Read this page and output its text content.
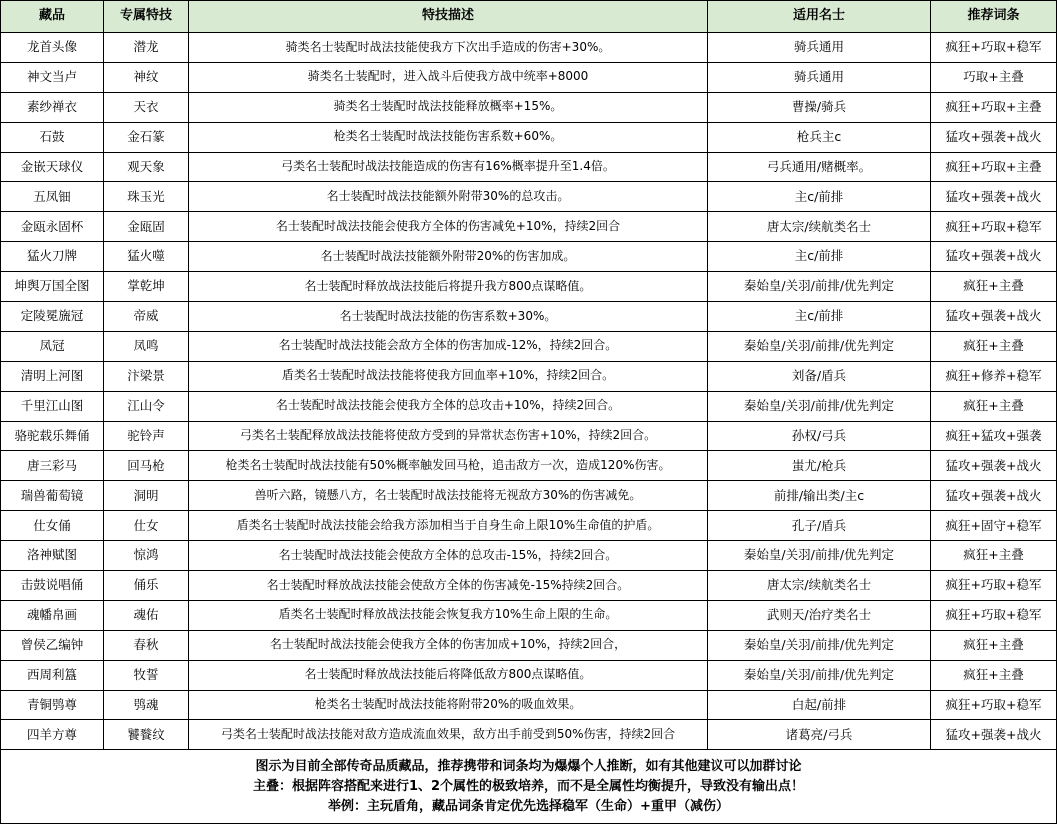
藏品	专属特技	特技描述	适用名士	推荐词条
龙首头像	潜龙	骑类名士装配时战法技能使我方下次出手造成的伤害+30%。	骑兵通用	疯狂+巧取+稳军
神文当卢	神纹	骑类名士装配时，进入战斗后使我方战中统率+8000	骑兵通用	巧取+主叠
素纱禅衣	天衣	骑类名士装配时战法技能释放概率+15%。	曹操/骑兵	疯狂+巧取+主叠
石鼓	金石篆	枪类名士装配时战法技能伤害系数+60%。	枪兵主c	猛攻+强袭+战火
金嵌天球仪	观天象	弓类名士装配时战法技能造成的伤害有16%概率提升至1.4倍。	弓兵通用/赌概率。	疯狂+巧取+主叠
五凤钿	珠玉光	名士装配时战法技能额外附带30%的总攻击。	主c/前排	猛攻+强袭+战火
金瓯永固杯	金瓯固	名士装配时战法技能会使我方全体的伤害减免+10%，持续2回合	唐太宗/续航类名士	疯狂+巧取+稳军
猛火刀牌	猛火噬	名士装配时战法技能额外附带20%的伤害加成。	主c/前排	猛攻+强袭+战火
坤舆万国全图	掌乾坤	名士装配时释放战法技能后将提升我方800点谋略值。	秦始皇/关羽/前排/优先判定	疯狂+主叠
定陵冕旒冠	帝威	名士装配时战法技能的伤害系数+30%。	主c/前排	猛攻+强袭+战火
凤冠	凤鸣	名士装配时战法技能会敌方全体的伤害加成-12%，持续2回合。	秦始皇/关羽/前排/优先判定	疯狂+主叠
清明上河图	汴梁景	盾类名士装配时战法技能将使我方回血率+10%，持续2回合。	刘备/盾兵	疯狂+修养+稳军
千里江山图	江山令	名士装配时战法技能会使我方全体的总攻击+10%，持续2回合。	秦始皇/关羽/前排/优先判定	疯狂+主叠
骆驼载乐舞俑	驼铃声	弓类名士装配释放战法技能将使敌方受到的异常状态伤害+10%，持续2回合。	孙权/弓兵	疯狂+猛攻+强袭
唐三彩马	回马枪	枪类名士装配时战法技能有50%概率触发回马枪，追击敌方一次，造成120%伤害。	蚩尤/枪兵	猛攻+强袭+战火
瑞兽葡萄镜	洞明	兽听六路，镜懸八方，名士装配时战法技能将无视敌方30%的伤害减免。	前排/输出类/主c	猛攻+强袭+战火
仕女俑	仕女	盾类名士装配时战法技能会给我方添加相当于自身生命上限10%生命值的护盾。	孔子/盾兵	疯狂+固守+稳军
洛神赋图	惊鸿	名士装配时战法技能会使敌方全体的总攻击-15%，持续2回合。	秦始皇/关羽/前排/优先判定	疯狂+主叠
击鼓说唱俑	俑乐	名士装配时释放战法技能会使敌方全体的伤害减免-15%持续2回合。	唐太宗/续航类名士	疯狂+巧取+稳军
魂幡帛画	魂佑	盾类名士装配时释放战法技能会恢复我方10%生命上限的生命。	武则天/治疗类名士	疯狂+巧取+稳军
曾侯乙编钟	春秋	名士装配时战法技能会使我方全体的伤害加成+10%，持续2回合，	秦始皇/关羽/前排/优先判定	疯狂+主叠
西周利簋	牧誓	名士装配时释放战法技能后将降低敌方800点谋略值。	秦始皇/关羽/前排/优先判定	疯狂+主叠
青铜鸮尊	鸮魂	枪类名士装配时战法技能将附带20%的吸血效果。	白起/前排	疯狂+巧取+稳军
四羊方尊	饕餮纹	弓类名士装配时战法技能对敌方造成流血效果，敌方出手前受到50%伤害，持续2回合	诸葛亮/弓兵	猛攻+强袭+战火

图示为目前全部传奇品质藏品，推荐携带和词条均为爆爆个人推断，如有其他建议可以加群讨论
主叠：根据阵容搭配来进行1、2个属性的极致培养，而不是全属性均衡提升，导致没有输出点！
举例：主玩盾角，藏品词条肯定优先选择稳军（生命）+重甲（减伤）				
